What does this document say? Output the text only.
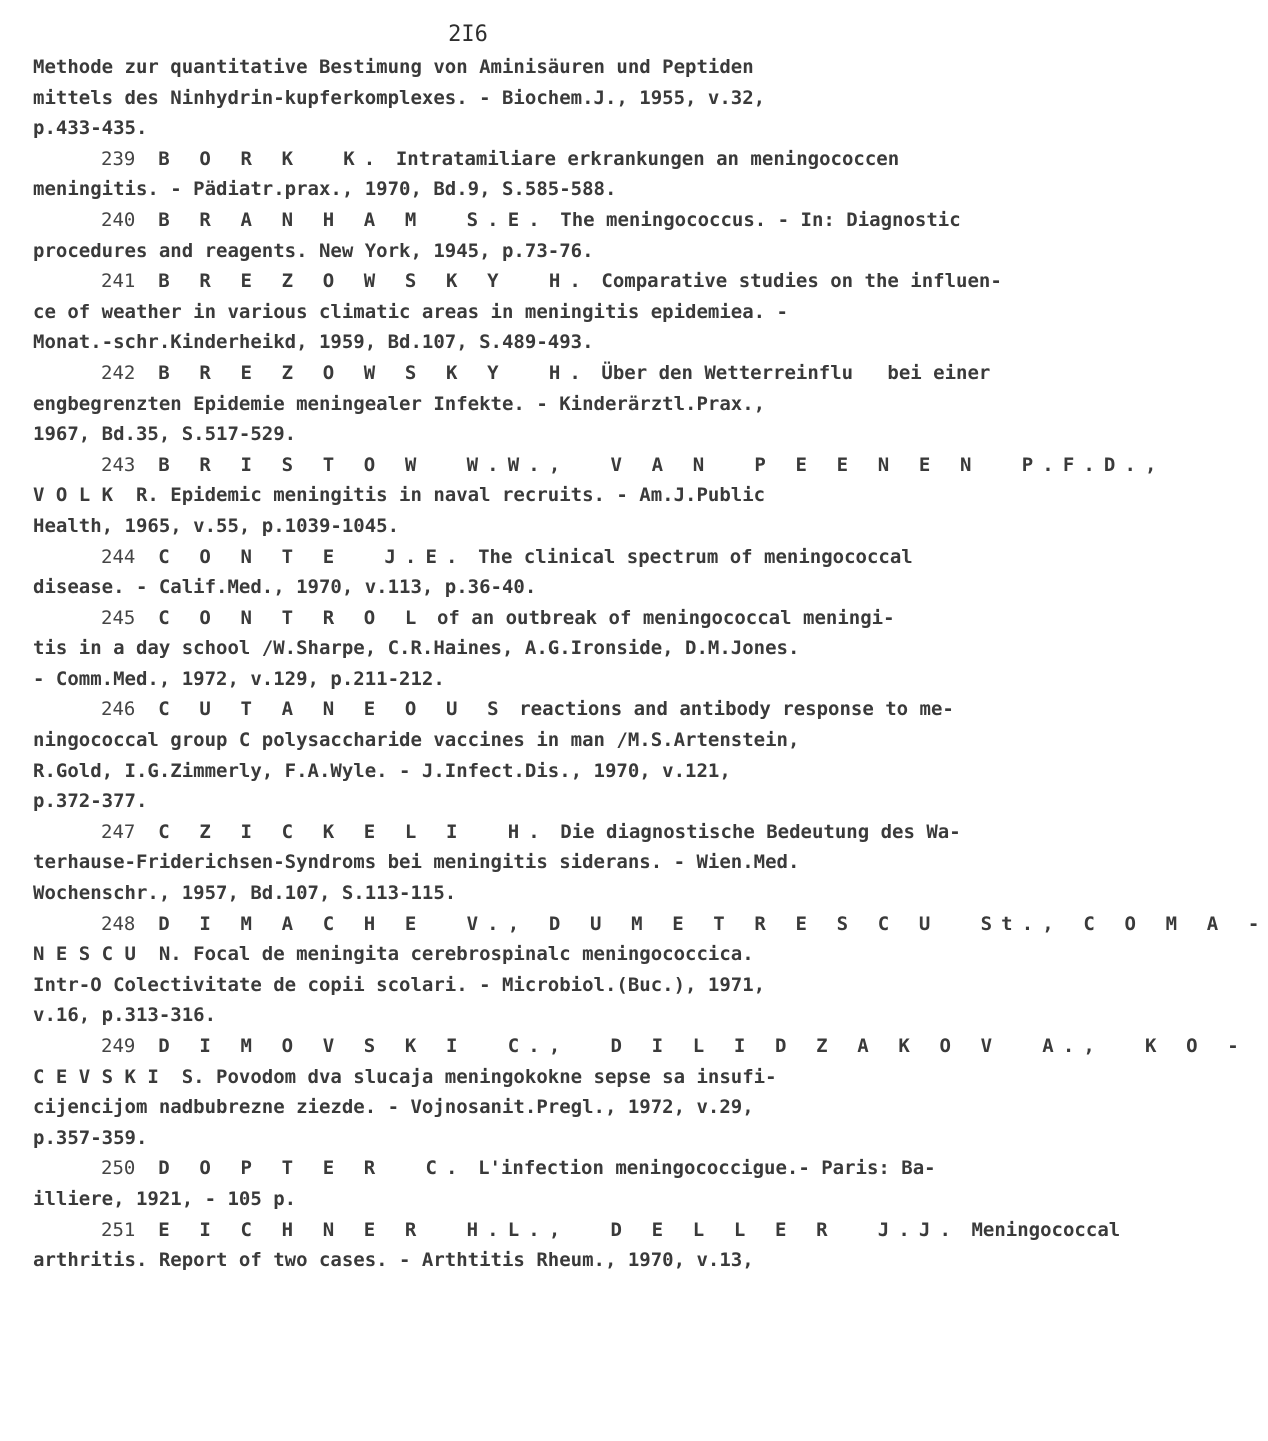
2I6
Methode zur quantitative Bestimung von Aminisäuren und Peptiden
mittels des Ninhydrin-kupferkomplexes. - Biochem.J., 1955, v.32,
p.433-435.
239 B O R K  K. Intratamiliare erkrankungen an meningococcen
meningitis. - Pädiatr.prax., 1970, Bd.9, S.585-588.
240 B R A N H A M  S.E. The meningococcus. - In: Diagnostic
procedures and reagents. New York, 1945, p.73-76.
241 B R E Z O W S K Y  H. Comparative studies on the influen-
ce of weather in various climatic areas in meningitis epidemiea. -
Monat.-schr.Kinderheikd, 1959, Bd.107, S.489-493.
242 B R E Z O W S K Y  H. Über den Wetterreinflu   bei einer
engbegrenzten Epidemie meningealer Infekte. - Kinderärztl.Prax.,
1967, Bd.35, S.517-529.
243 B R I S T O W  W.W.,  V A N  P E E N E N  P.F.D.,
V O L K  R. Epidemic meningitis in naval recruits. - Am.J.Public
Health, 1965, v.55, p.1039-1045.
244 C O N T E  J.E. The clinical spectrum of meningococcal
disease. - Calif.Med., 1970, v.113, p.36-40.
245 C O N T R O L of an outbreak of meningococcal meningi-
tis in a day school /W.Sharpe, C.R.Haines, A.G.Ironside, D.M.Jones.
- Comm.Med., 1972, v.129, p.211-212.
246 C U T A N E O U S reactions and antibody response to me-
ningococcal group C polysaccharide vaccines in man /M.S.Artenstein,
R.Gold, I.G.Zimmerly, F.A.Wyle. - J.Infect.Dis., 1970, v.121,
p.372-377.
247 C Z I C K E L I  H. Die diagnostische Bedeutung des Wa-
terhause-Friderichsen-Syndroms bei meningitis siderans. - Wien.Med.
Wochenschr., 1957, Bd.107, S.113-115.
248 D I M A C H E  V., D U M E T R E S C U  St., C O M A -
N E S C U  N. Focal de meningita cerebrospinalc meningococcica.
Intr-O Colectivitate de copii scolari. - Microbiol.(Buc.), 1971,
v.16, p.313-316.
249 D I M O V S K I  C.,  D I L I D Z A K O V  A.,  K O -
C E V S K I  S. Povodom dva slucaja meningokokne sepse sa insufi-
cijencijom nadbubrezne ziezde. - Vojnosanit.Pregl., 1972, v.29,
p.357-359.
250 D O P T E R  C. L'infection meningococcigue.- Paris: Ba-
illiere, 1921, - 105 p.
251 E I C H N E R  H.L.,  D E L L E R  J.J. Meningococcal
arthritis. Report of two cases. - Arthtitis Rheum., 1970, v.13,
